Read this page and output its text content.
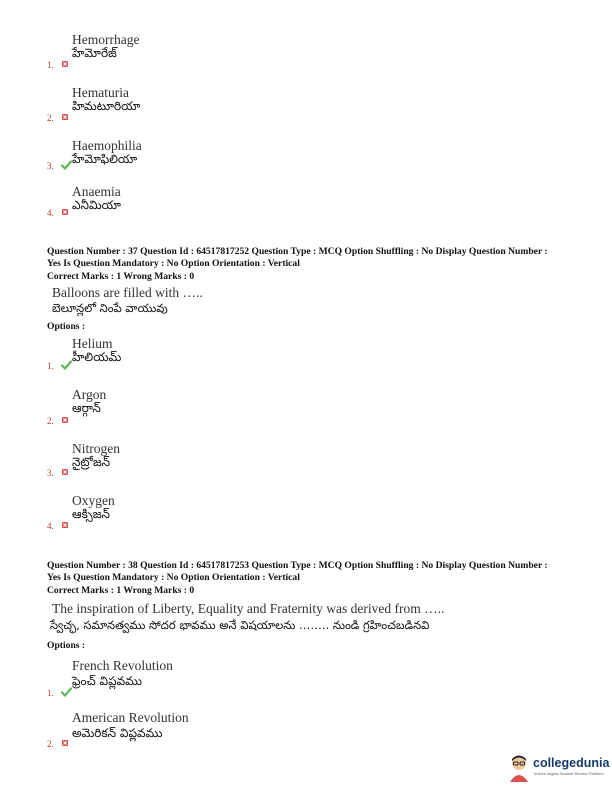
Hemorrhage
హేమోరేజ్
1.
Hematuria
హిమటూరియా
2.
Haemophilia
హేమోఫిలియా
3.
Anaemia
ఎనీమియా
4.
Question Number : 37 Question Id : 64517817252 Question Type : MCQ Option Shuffling : No Display Question Number :
Yes Is Question Mandatory : No Option Orientation : Vertical
Correct Marks : 1 Wrong Marks : 0
Balloons are filled with …..
బెలూన్లలో నింపే వాయువు
Options :
Helium
హీలియమ్
1.
Argon
ఆర్గాన్
2.
Nitrogen
నైట్రోజన్
3.
Oxygen
ఆక్సిజన్
4.
Question Number : 38 Question Id : 64517817253 Question Type : MCQ Option Shuffling : No Display Question Number :
Yes Is Question Mandatory : No Option Orientation : Vertical
Correct Marks : 1 Wrong Marks : 0
The inspiration of Liberty, Equality and Fraternity was derived from …..
స్వేచ్ఛ, సమానత్వము సోదర భావము అనే విషయాలను …….. నుండి గ్రహించబడినవి
Options :
French Revolution
ఫ్రెంచ్ విప్లవము
1.
American Revolution
అమెరికన్ విప్లవము
2.
collegedunia
India's largest Student Review Platform
